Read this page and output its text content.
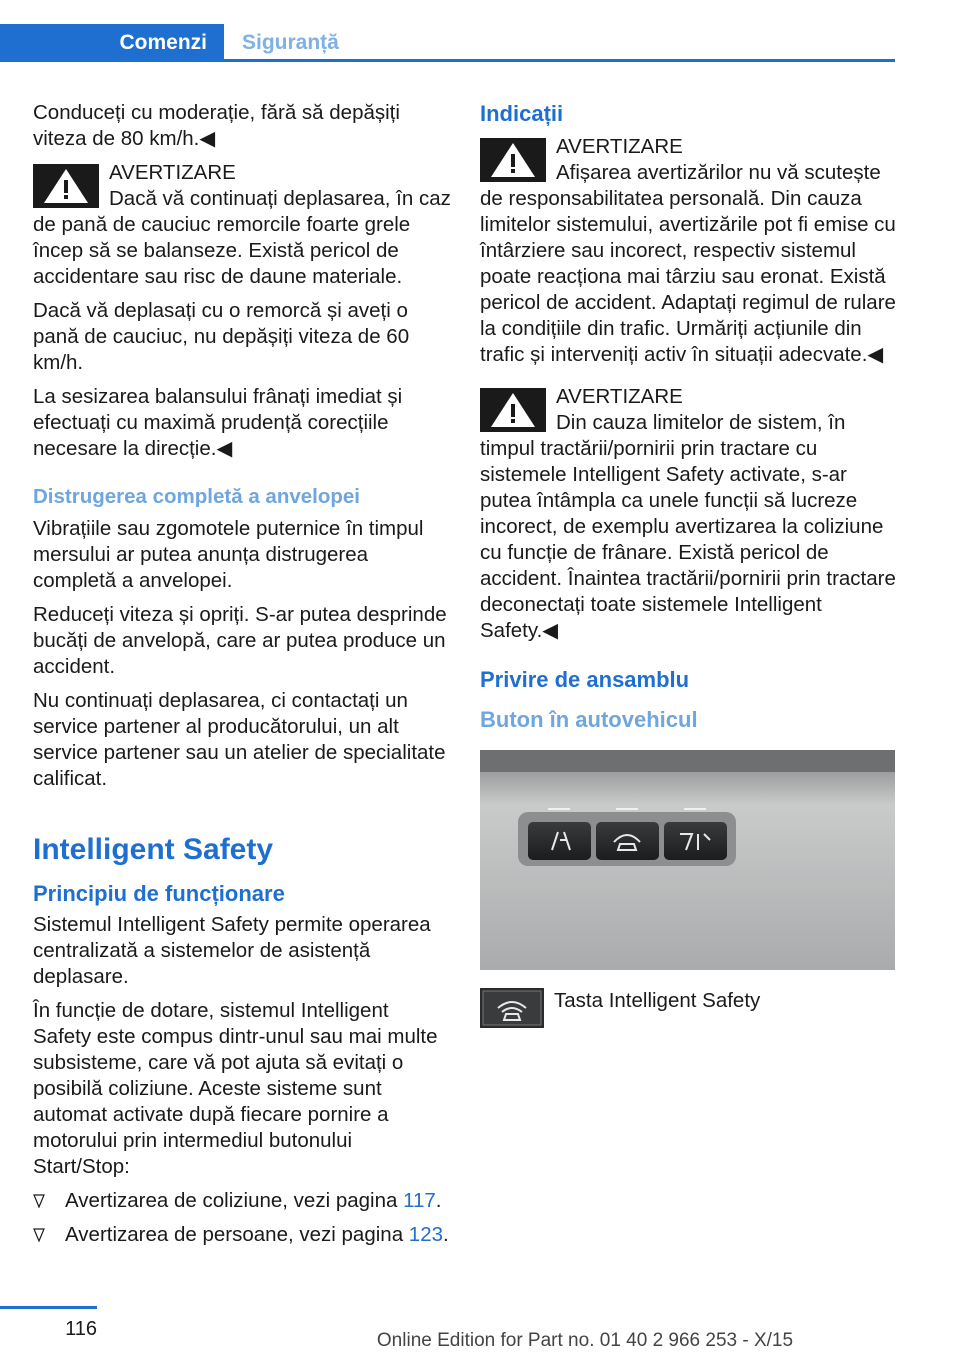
Comenzi	Siguranță

Conduceți cu moderație, fără să depășiți viteza de 80 km/h.◀

AVERTIZARE
Dacă vă continuați deplasarea, în caz de pană de cauciuc remorcile foarte grele încep să se balanseze. Există pericol de accidentare sau risc de daune materiale.

Dacă vă deplasați cu o remorcă și aveți o pană de cauciuc, nu depășiți viteza de 60 km/h.

La sesizarea balansului frânați imediat și efectuați cu maximă prudență corecțiile necesare la direcție.◀

Distrugerea completă a anvelopei

Vibrațiile sau zgomotele puternice în timpul mersului ar putea anunța distrugerea completă a anvelopei.

Reduceți viteza și opriți. S-ar putea desprinde bucăți de anvelopă, care ar putea produce un accident.

Nu continuați deplasarea, ci contactați un service partener al producătorului, un alt service partener sau un atelier de specialitate calificat.

Intelligent Safety
Principiu de funcționare

Sistemul Intelligent Safety permite operarea centralizată a sistemelor de asistență deplasare.

În funcție de dotare, sistemul Intelligent Safety este compus dintr-unul sau mai multe subsisteme, care vă pot ajuta să evitați o posibilă coliziune. Aceste sisteme sunt automat activate după fiecare pornire a motorului prin intermediul butonului Start/Stop:

Avertizarea de coliziune, vezi pagina 117.
Avertizarea de persoane, vezi pagina 123.
Indicații
AVERTIZARE
Afișarea avertizărilor nu vă scutește de responsabilitatea personală. Din cauza limitelor sistemului, avertizările pot fi emise cu întârziere sau incorect, respectiv sistemul poate reacționa mai târziu sau eronat. Există pericol de accident. Adaptați regimul de rulare la condițiile din trafic. Urmăriți acțiunile din trafic și interveniți activ în situații adecvate.◀
AVERTIZARE
Din cauza limitelor de sistem, în timpul tractării/pornirii prin tractare cu sistemele Intelligent Safety activate, s-ar putea întâmpla ca unele funcții să lucreze incorect, de exemplu avertizarea la coliziune cu funcție de frânare. Există pericol de accident. Înaintea tractării/pornirii prin tractare deconectați toate sistemele Intelligent Safety.◀
Privire de ansamblu
Buton în autovehicul
Tasta Intelligent Safety
116
Online Edition for Part no. 01 40 2 966 253 - X/15
